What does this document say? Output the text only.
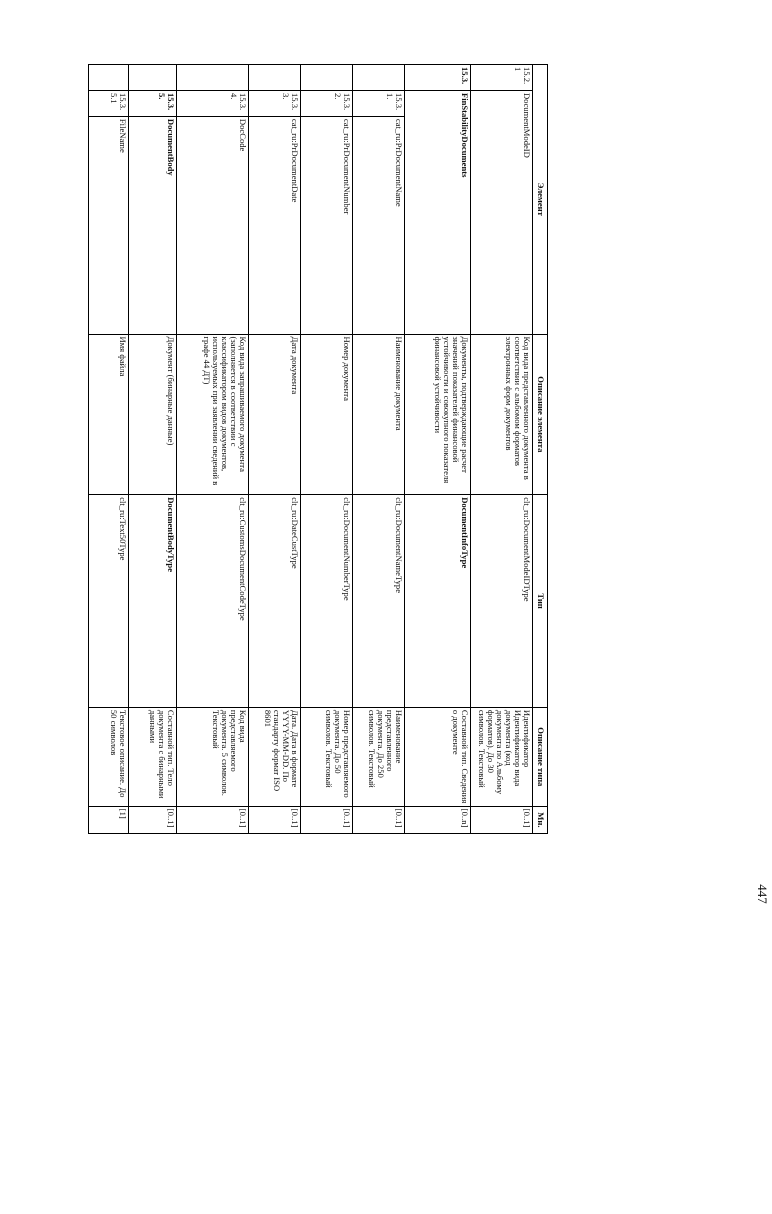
447
Элемент			Описание элемента	Тип	Описание типа	Мн.
15.2.1	DocumentModeID		Код вида представленного документа в соответствии с альбомом форматов электронных форм документов	clt_ru:DocumentModeIDType	Идентификатор Идентификатор вида документа (код документа по Альбому форматов). До 30 символов. Текстовый	[0..1]
15.3.	FinStabilityDocuments		Документы, подтверждающие расчет значений показателей финансовой устойчивости и совокупного показателя финансовой устойчивости	DocumentInfoType	Составной тип. Сведения о документе	[0..n]
	15.3.1.	cat_ru:PrDocumentName	Наименование документа	clt_ru:DocumentNameType	Наименование представленного документа. До 250 символов. Текстовый	[0..1]
	15.3.2.	cat_ru:PrDocumentNumber	Номер документа	clt_ru:DocumentNumberType	Номер представляемого документа. До 50 символов. Текстовый	[0..1]
	15.3.3.	cat_ru:PrDocumentDate	Дата документа	clt_ru:DateCustType	Дата. Дата в формате YYYY-MM-DD. По стандарту формат ISO 8601	[0..1]
	15.3.4.	DocCode	Код вида запрашиваемого документа (заполняется в соответствии с классификатором видов документов, используемых при заявлении сведений в графе 44 ДТ)	clt_ru:CustomsDocumentCodeType	Код вида представляемого документа. 5 символов. Текстовый	[0..1]
	15.3.5.	DocumentBody	Документ (бинарные данные)	DocumentBodyType	Составной тип. Тело документа с бинарными данными	[0..1]
	15.3.5.1	FileName	Имя файла	clt_ru:Text50Type	Текстовое описание. До 50 символов	[1]
